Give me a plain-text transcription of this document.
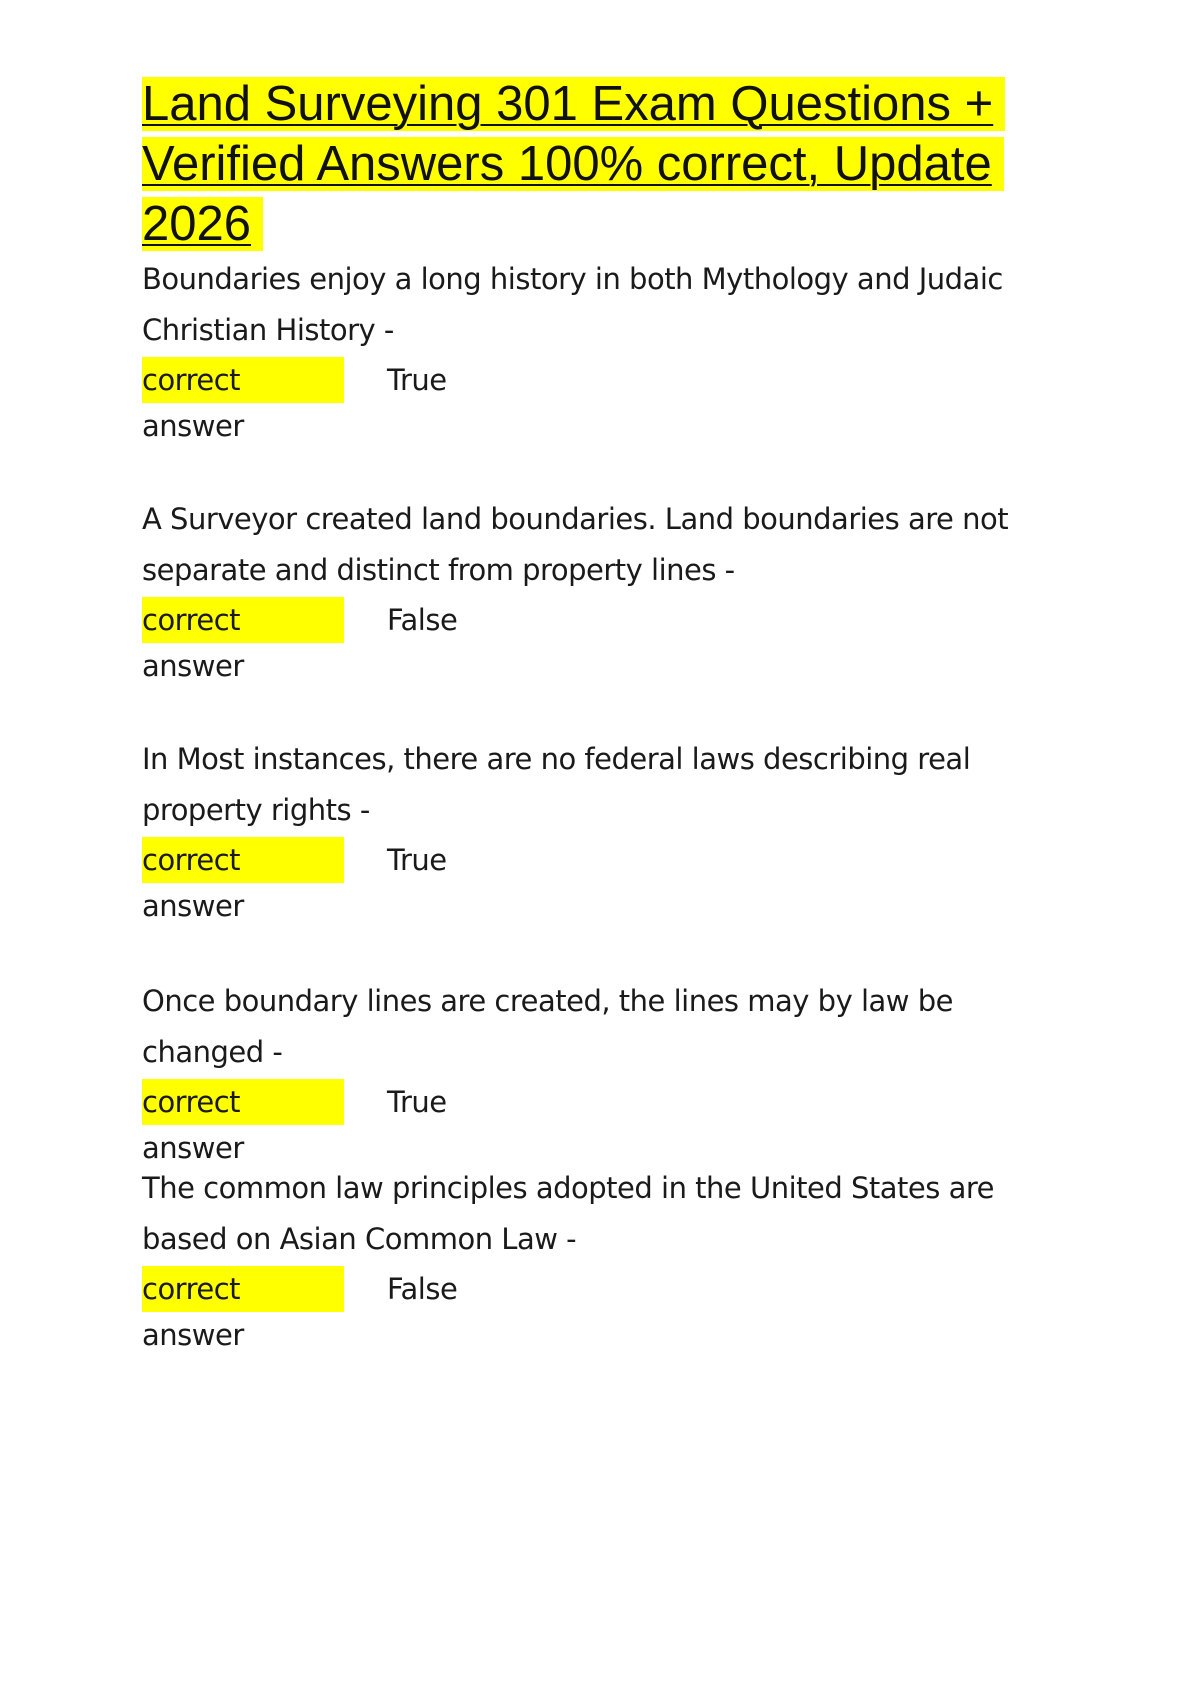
Land Surveying 301 Exam Questions + Verified Answers 100% correct, Update 2026

Boundaries enjoy a long history in both Mythology and Judaic Christian History -

correct answer
True

A Surveyor created land boundaries. Land boundaries are not separate and distinct from property lines -

correct answer
False

In Most instances, there are no federal laws describing real property rights -

correct answer
True

Once boundary lines are created, the lines may by law be changed -

correct answer
True

The common law principles adopted in the United States are based on Asian Common Law -

correct answer
False
